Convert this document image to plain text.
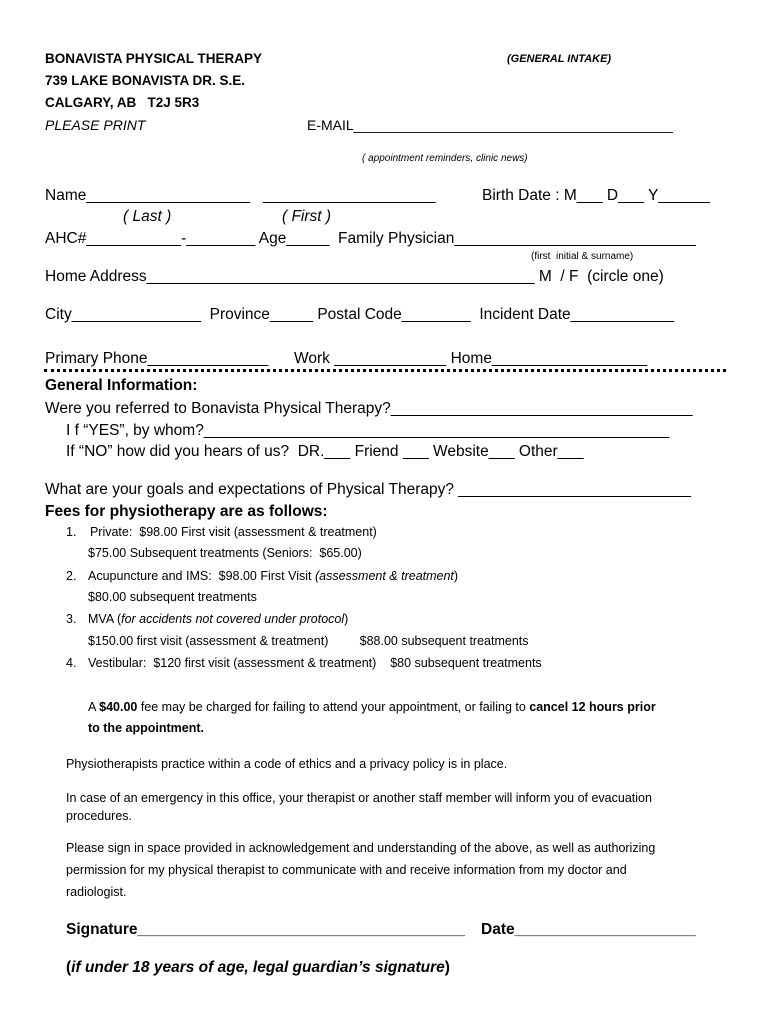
BONAVISTA PHYSICAL THERAPY
739 LAKE BONAVISTA DR. S.E.
CALGARY, AB   T2J 5R3
PLEASE PRINT
(GENERAL INTAKE)
E-MAIL_________________________________________
( appointment reminders, clinic news)
Name___________________   ____________________	Birth Date : M___ D___ Y______
( Last )	( First )
AHC#___________-________ Age_____  Family Physician____________________________
(first  initial & surname)
Home Address_____________________________________________ M  / F  (circle one)
City_______________  Province_____ Postal Code________  Incident Date____________
Primary Phone______________      Work _____________ Home__________________
General Information:
Were you referred to Bonavista Physical Therapy?___________________________________
I f “YES”, by whom?______________________________________________________
If “NO” how did you hears of us?  DR.___ Friend ___ Website___ Other___
What are your goals and expectations of Physical Therapy? ___________________________
Fees for physiotherapy are as follows:
1. Private:  $98.00 First visit (assessment & treatment)
$75.00 Subsequent treatments (Seniors:  $65.00)
2. Acupuncture and IMS:  $98.00 First Visit (assessment & treatment)
$80.00 subsequent treatments
3. MVA (for accidents not covered under protocol)
$150.00 first visit (assessment & treatment)         $88.00 subsequent treatments
4. Vestibular:  $120 first visit (assessment & treatment)    $80 subsequent treatments
A $40.00 fee may be charged for failing to attend your appointment, or failing to cancel 12 hours prior
to the appointment.
Physiotherapists practice within a code of ethics and a privacy policy is in place.
In case of an emergency in this office, your therapist or another staff member will inform you of evacuation
procedures.
Please sign in space provided in acknowledgement and understanding of the above, as well as authorizing
permission for my physical therapist to communicate with and receive information from my doctor and
radiologist.
Signature______________________________________ Date_____________________
(if under 18 years of age, legal guardian’s signature)
